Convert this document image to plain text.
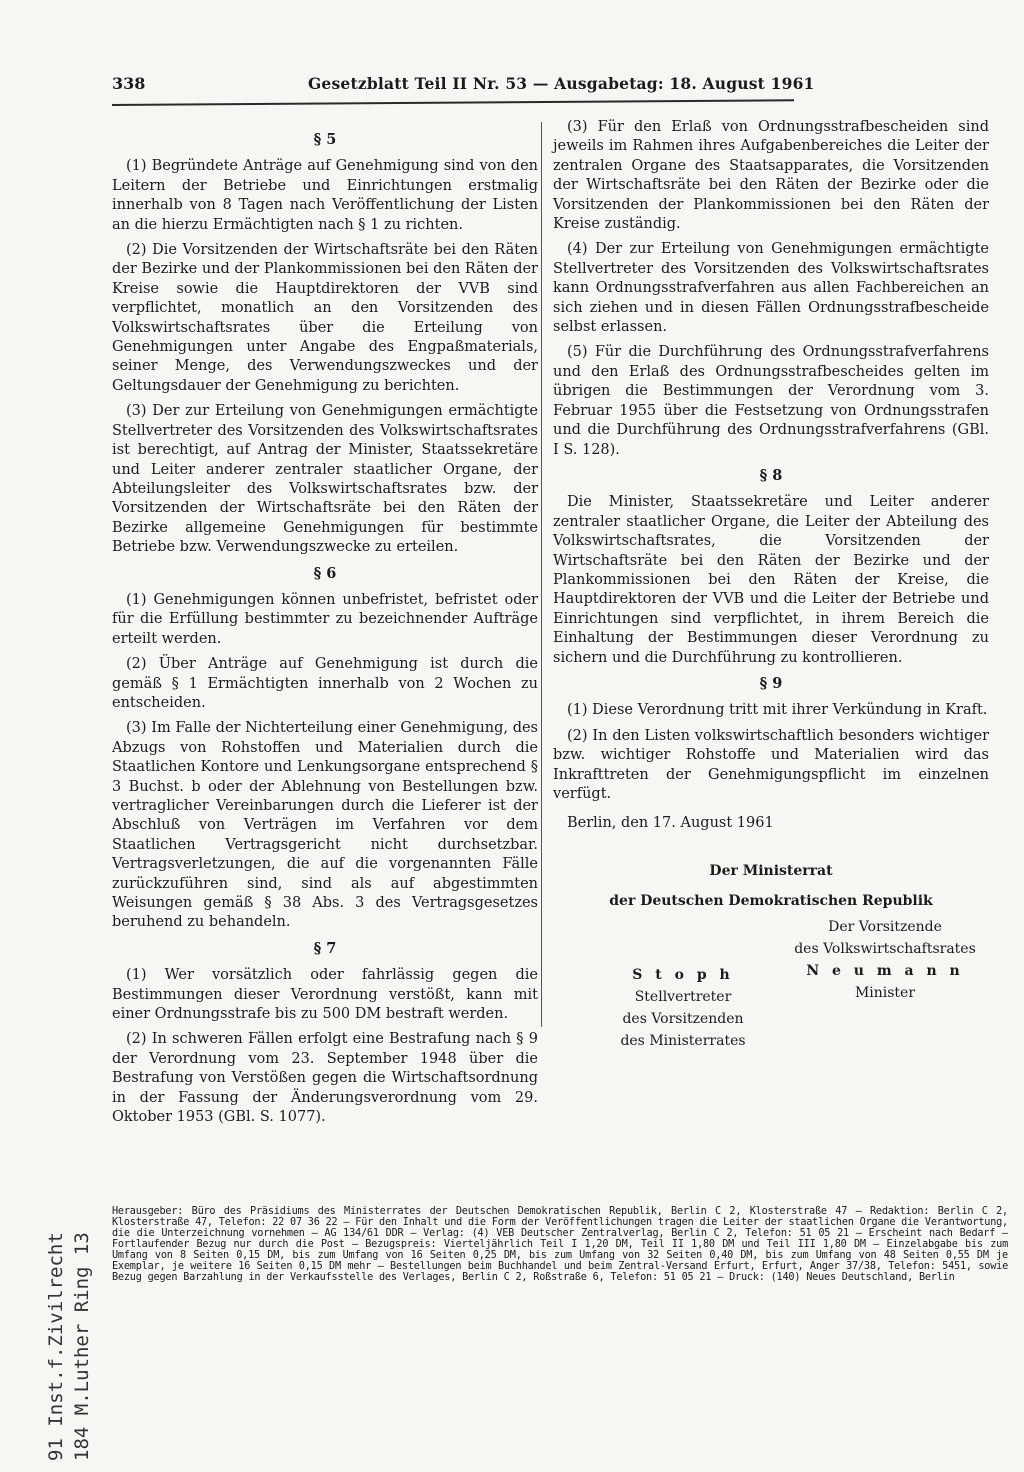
338	Gesetzblatt Teil II Nr. 53 — Ausgabetag: 18. August 1961

§ 5

(1) Begründete Anträge auf Genehmigung sind von den Leitern der Betriebe und Einrichtungen erstmalig innerhalb von 8 Tagen nach Veröffentlichung der Listen an die hierzu Ermächtigten nach § 1 zu richten.

(2) Die Vorsitzenden der Wirtschaftsräte bei den Räten der Bezirke und der Plankommissionen bei den Räten der Kreise sowie die Hauptdirektoren der VVB sind verpflichtet, monatlich an den Vorsitzenden des Volkswirtschaftsrates über die Erteilung von Genehmigungen unter Angabe des Engpaßmaterials, seiner Menge, des Verwendungszweckes und der Geltungsdauer der Genehmigung zu berichten.

(3) Der zur Erteilung von Genehmigungen ermächtigte Stellvertreter des Vorsitzenden des Volkswirtschaftsrates ist berechtigt, auf Antrag der Minister, Staatssekretäre und Leiter anderer zentraler staatlicher Organe, der Abteilungsleiter des Volkswirtschaftsrates bzw. der Vorsitzenden der Wirtschaftsräte bei den Räten der Bezirke allgemeine Genehmigungen für bestimmte Betriebe bzw. Verwendungszwecke zu erteilen.

§ 6

(1) Genehmigungen können unbefristet, befristet oder für die Erfüllung bestimmter zu bezeichnender Aufträge erteilt werden.

(2) Über Anträge auf Genehmigung ist durch die gemäß § 1 Ermächtigten innerhalb von 2 Wochen zu entscheiden.

(3) Im Falle der Nichterteilung einer Genehmigung, des Abzugs von Rohstoffen und Materialien durch die Staatlichen Kontore und Lenkungsorgane entsprechend § 3 Buchst. b oder der Ablehnung von Bestellungen bzw. vertraglicher Vereinbarungen durch die Lieferer ist der Abschluß von Verträgen im Verfahren vor dem Staatlichen Vertragsgericht nicht durchsetzbar. Vertragsverletzungen, die auf die vorgenannten Fälle zurückzuführen sind, sind als auf abgestimmten Weisungen gemäß § 38 Abs. 3 des Vertragsgesetzes beruhend zu behandeln.

§ 7

(1) Wer vorsätzlich oder fahrlässig gegen die Bestimmungen dieser Verordnung verstößt, kann mit einer Ordnungsstrafe bis zu 500 DM bestraft werden.

(2) In schweren Fällen erfolgt eine Bestrafung nach § 9 der Verordnung vom 23. September 1948 über die Bestrafung von Verstößen gegen die Wirtschaftsordnung in der Fassung der Änderungsverordnung vom 29. Oktober 1953 (GBl. S. 1077).

(3) Für den Erlaß von Ordnungsstrafbescheiden sind jeweils im Rahmen ihres Aufgabenbereiches die Leiter der zentralen Organe des Staatsapparates, die Vorsitzenden der Wirtschaftsräte bei den Räten der Bezirke oder die Vorsitzenden der Plankommissionen bei den Räten der Kreise zuständig.

(4) Der zur Erteilung von Genehmigungen ermächtigte Stellvertreter des Vorsitzenden des Volkswirtschaftsrates kann Ordnungsstrafverfahren aus allen Fachbereichen an sich ziehen und in diesen Fällen Ordnungsstrafbescheide selbst erlassen.

(5) Für die Durchführung des Ordnungsstrafverfahrens und den Erlaß des Ordnungsstrafbescheides gelten im übrigen die Bestimmungen der Verordnung vom 3. Februar 1955 über die Festsetzung von Ordnungsstrafen und die Durchführung des Ordnungsstrafverfahrens (GBl. I S. 128).

§ 8

Die Minister, Staatssekretäre und Leiter anderer zentraler staatlicher Organe, die Leiter der Abteilung des Volkswirtschaftsrates, die Vorsitzenden der Wirtschaftsräte bei den Räten der Bezirke und der Plankommissionen bei den Räten der Kreise, die Hauptdirektoren der VVB und die Leiter der Betriebe und Einrichtungen sind verpflichtet, in ihrem Bereich die Einhaltung der Bestimmungen dieser Verordnung zu sichern und die Durchführung zu kontrollieren.

§ 9

(1) Diese Verordnung tritt mit ihrer Verkündung in Kraft.

(2) In den Listen volkswirtschaftlich besonders wichtiger bzw. wichtiger Rohstoffe und Materialien wird das Inkrafttreten der Genehmigungspflicht im einzelnen verfügt.

Berlin, den 17. August 1961

Der Ministerrat
der Deutschen Demokratischen Republik
S t o p h
Stellvertreter
des Vorsitzenden
des Ministerrates
Der Vorsitzende
des Volkswirtschaftsrates
N e u m a n n
Minister
Herausgeber: Büro des Präsidiums des Ministerrates der Deutschen Demokratischen Republik, Berlin C 2, Klosterstraße 47 — Redaktion: Berlin C 2, Klosterstraße 47, Telefon: 22 07 36 22 — Für den Inhalt und die Form der Veröffentlichungen tragen die Leiter der staatlichen Organe die Verantwortung, die die Unterzeichnung vornehmen — AG 134/61 DDR — Verlag: (4) VEB Deutscher Zentralverlag, Berlin C 2, Telefon: 51 05 21 — Erscheint nach Bedarf — Fortlaufender Bezug nur durch die Post — Bezugspreis: Vierteljährlich Teil I 1,20 DM, Teil II 1,80 DM und Teil III 1,80 DM — Einzelabgabe bis zum Umfang von 8 Seiten 0,15 DM, bis zum Umfang von 16 Seiten 0,25 DM, bis zum Umfang von 32 Seiten 0,40 DM, bis zum Umfang von 48 Seiten 0,55 DM je Exemplar, je weitere 16 Seiten 0,15 DM mehr — Bestellungen beim Buchhandel und beim Zentral-Versand Erfurt, Erfurt, Anger 37/38, Telefon: 5451, sowie Bezug gegen Barzahlung in der Verkaufsstelle des Verlages, Berlin C 2, Roßstraße 6, Telefon: 51 05 21 — Druck: (140) Neues Deutschland, Berlin
91 Inst.f.Zivilrecht 184 M.Luther Ring 13
